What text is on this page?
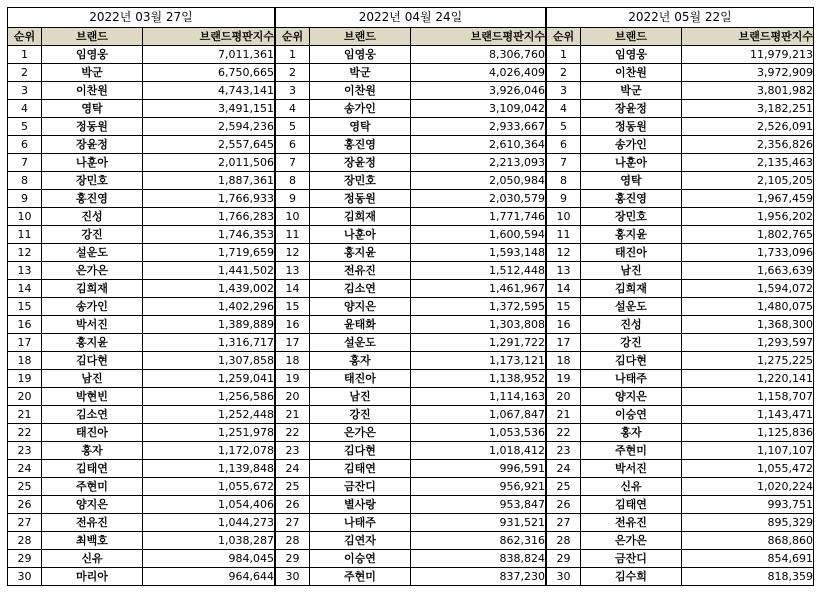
2022년 03월 27일		
순위	브랜드	브랜드평판지수
1	임영웅	7,011,361
2	박군	6,750,665
3	이찬원	4,743,141
4	영탁	3,491,151
5	정동원	2,594,236
6	장윤정	2,557,645
7	나훈아	2,011,506
8	장민호	1,887,361
9	홍진영	1,766,933
10	진성	1,766,283
11	강진	1,746,353
12	설운도	1,719,659
13	은가은	1,441,502
14	김희재	1,439,002
15	송가인	1,402,296
16	박서진	1,389,889
17	홍지윤	1,316,717
18	김다현	1,307,858
19	남진	1,259,041
20	박현빈	1,256,586
21	김소연	1,252,448
22	태진아	1,251,978
23	홍자	1,172,078
24	김태연	1,139,848
25	주현미	1,055,672
26	양지은	1,054,406
27	전유진	1,044,273
28	최백호	1,038,287
29	신유	984,045
30	마리아	964,644
2022년 04월 24일		
순위	브랜드	브랜드평판지수
1	임영웅	8,306,760
2	박군	4,026,409
3	이찬원	3,926,046
4	송가인	3,109,042
5	영탁	2,933,667
6	홍진영	2,610,364
7	장윤정	2,213,093
8	장민호	2,050,984
9	정동원	2,030,579
10	김희재	1,771,746
11	나훈아	1,600,594
12	홍지윤	1,593,148
13	전유진	1,512,448
14	김소연	1,461,967
15	양지은	1,372,595
16	윤태화	1,303,808
17	설운도	1,291,722
18	홍자	1,173,121
19	태진아	1,138,952
20	남진	1,114,163
21	강진	1,067,847
22	은가은	1,053,536
23	김다현	1,018,412
24	김태연	996,591
25	금잔디	956,921
26	별사랑	953,847
27	나태주	931,521
28	김연자	862,316
29	이승연	838,824
30	주현미	837,230
2022년 05월 22일		
순위	브랜드	브랜드평판지수
1	임영웅	11,979,213
2	이찬원	3,972,909
3	박군	3,801,982
4	장윤정	3,182,251
5	정동원	2,526,091
6	송가인	2,356,826
7	나훈아	2,135,463
8	영탁	2,105,205
9	홍진영	1,967,459
10	장민호	1,956,202
11	홍지윤	1,802,765
12	태진아	1,733,096
13	남진	1,663,639
14	김희재	1,594,072
15	설운도	1,480,075
16	진성	1,368,300
17	강진	1,293,597
18	김다현	1,275,225
19	나태주	1,220,141
20	양지은	1,158,707
21	이승연	1,143,471
22	홍자	1,125,836
23	주현미	1,107,107
24	박서진	1,055,472
25	신유	1,020,224
26	김태연	993,751
27	전유진	895,329
28	은가은	868,860
29	금잔디	854,691
30	김수희	818,359
